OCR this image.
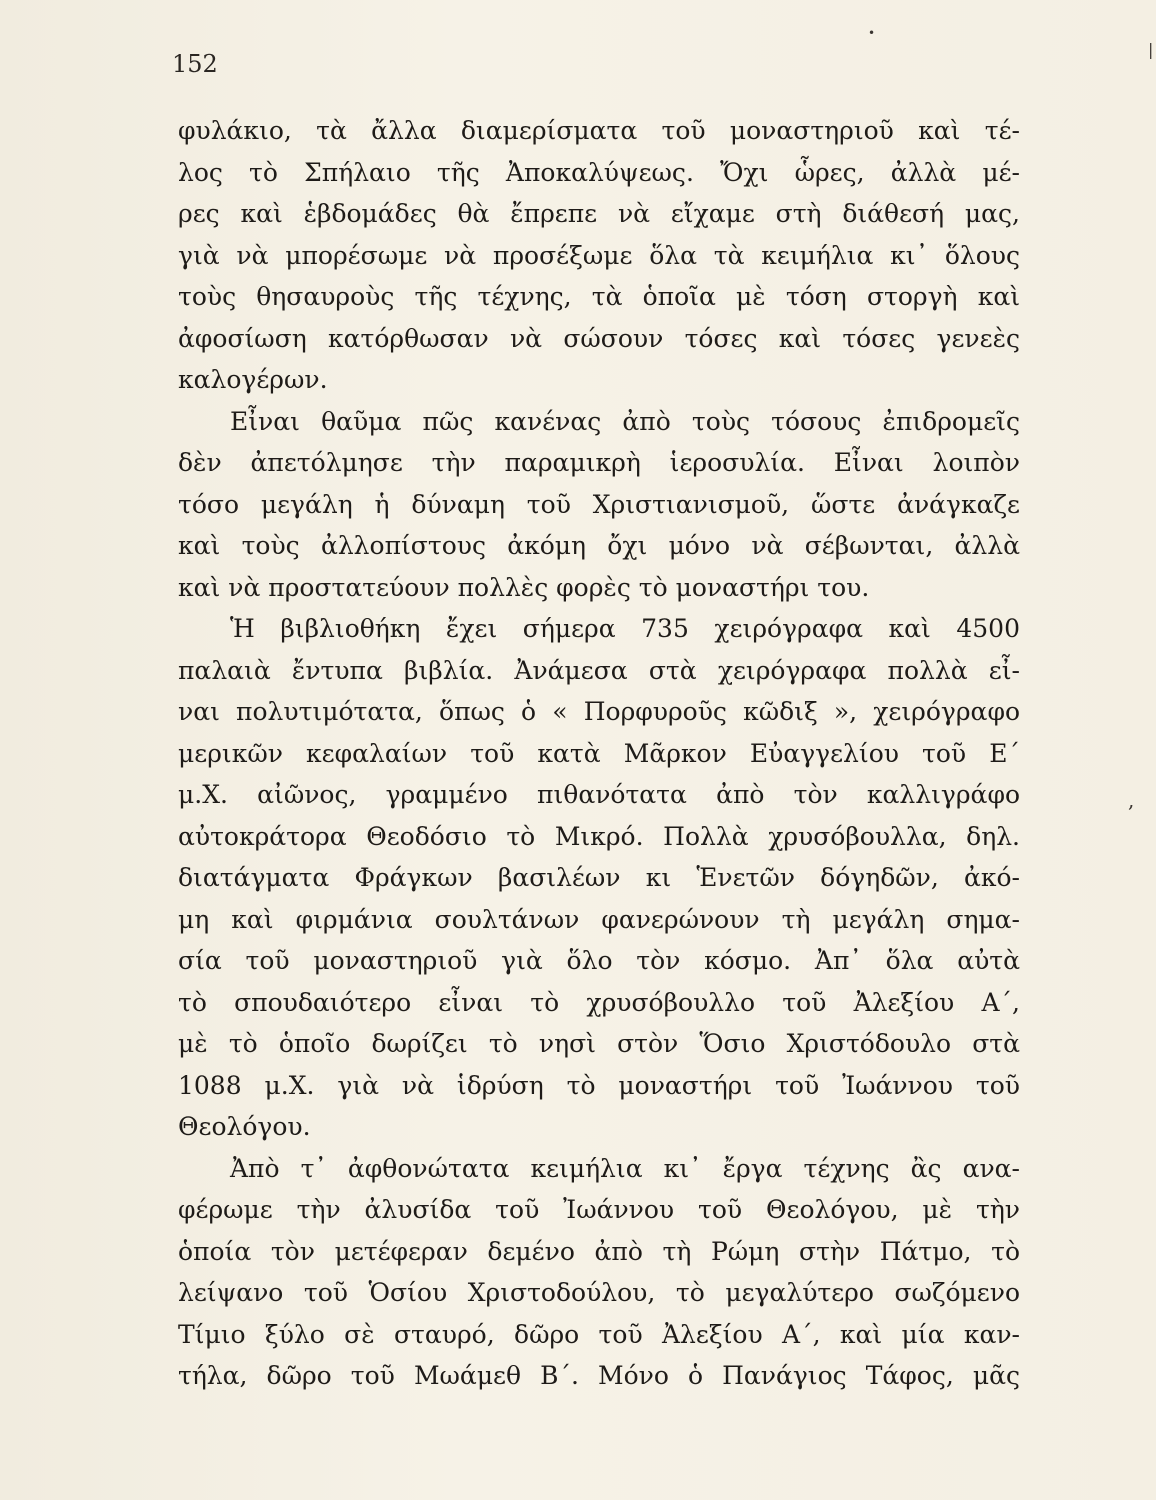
152
φυλάκιο, τὰ ἄλλα διαμερίσματα τοῦ μοναστηριοῦ καὶ τέ-
λος τὸ Σπήλαιο τῆς Ἀποκαλύψεως. Ὄχι ὧρες, ἀλλὰ μέ-
ρες καὶ ἑβδομάδες θὰ ἔπρεπε νὰ εἴχαμε στὴ διάθεσή μας,
γιὰ νὰ μπορέσωμε νὰ προσέξωμε ὅλα τὰ κειμήλια κι᾿ ὅλους
τοὺς θησαυροὺς τῆς τέχνης, τὰ ὁποῖα μὲ τόση στοργὴ καὶ
ἀφοσίωση κατόρθωσαν νὰ σώσουν τόσες καὶ τόσες γενεὲς
καλογέρων.
Εἶναι θαῦμα πῶς κανένας ἀπὸ τοὺς τόσους ἐπιδρομεῖς
δὲν ἀπετόλμησε τὴν παραμικρὴ ἱεροσυλία. Εἶναι λοιπὸν
τόσο μεγάλη ἡ δύναμη τοῦ Χριστιανισμοῦ, ὥστε ἀνάγκαζε
καὶ τοὺς ἀλλοπίστους ἀκόμη ὄχι μόνο νὰ σέβωνται, ἀλλὰ
καὶ νὰ προστατεύουν πολλὲς φορὲς τὸ μοναστήρι του.
Ἡ βιβλιοθήκη ἔχει σήμερα 735 χειρόγραφα καὶ 4500
παλαιὰ ἔντυπα βιβλία. Ἀνάμεσα στὰ χειρόγραφα πολλὰ εἶ-
ναι πολυτιμότατα, ὅπως ὁ « Πορφυροῦς κῶδιξ », χειρόγραφο
μερικῶν κεφαλαίων τοῦ κατὰ Μᾶρκον Εὐαγγελίου τοῦ Ε΄
μ.Χ. αἰῶνος, γραμμένο πιθανότατα ἀπὸ τὸν καλλιγράφο
αὐτοκράτορα Θεοδόσιο τὸ Μικρό. Πολλὰ χρυσόβουλλα, δηλ.
διατάγματα Φράγκων βασιλέων κι Ἑνετῶν δόγηδῶν, ἀκό-
μη καὶ φιρμάνια σουλτάνων φανερώνουν τὴ μεγάλη σημα-
σία τοῦ μοναστηριοῦ γιὰ ὅλο τὸν κόσμο. Ἀπ᾿ ὅλα αὐτὰ
τὸ σπουδαιότερο εἶναι τὸ χρυσόβουλλο τοῦ Ἀλεξίου Α΄,
μὲ τὸ ὁποῖο δωρίζει τὸ νησὶ στὸν Ὅσιο Χριστόδουλο στὰ
1088 μ.Χ. γιὰ νὰ ἱδρύση τὸ μοναστήρι τοῦ Ἰωάννου τοῦ
Θεολόγου.
Ἀπὸ τ᾿ ἀφθονώτατα κειμήλια κι᾿ ἔργα τέχνης ἂς ανα-
φέρωμε τὴν ἀλυσίδα τοῦ Ἰωάννου τοῦ Θεολόγου, μὲ τὴν
ὁποία τὸν μετέφεραν δεμένο ἀπὸ τὴ Ρώμη στὴν Πάτμο, τὸ
λείψανο τοῦ Ὁσίου Χριστοδούλου, τὸ μεγαλύτερο σωζόμενο
Τίμιο ξύλο σὲ σταυρό, δῶρο τοῦ Ἀλεξίου Α΄, καὶ μία καν-
τήλα, δῶρο τοῦ Μωάμεθ Β΄. Μόνο ὁ Πανάγιος Τάφος, μᾶς
•
,
|
